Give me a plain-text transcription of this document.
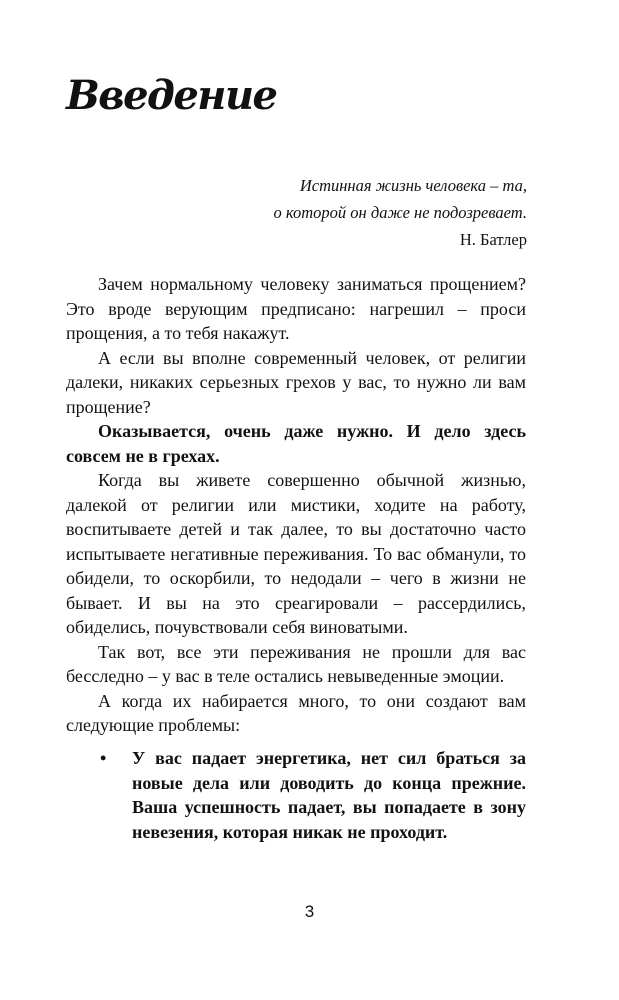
Введение
Истинная жизнь человека – та,
о которой он даже не подозревает.
Н. Батлер

Зачем нормальному человеку заниматься прощением? Это вроде верующим предписано: нагрешил – проси прощения, а то тебя накажут.

А если вы вполне современный человек, от религии далеки, никаких серьезных грехов у вас, то нужно ли вам прощение?

Оказывается, очень даже нужно. И дело здесь совсем не в грехах.

Когда вы живете совершенно обычной жизнью, далекой от религии или мистики, ходите на работу, воспитываете детей и так далее, то вы достаточно часто испытываете негативные переживания. То вас обманули, то обидели, то оскорбили, то недодали – чего в жизни не бывает. И вы на это среагировали – рассердились, обиделись, почувствовали себя виноватыми.

Так вот, все эти переживания не прошли для вас бесследно – у вас в теле остались невыведенные эмоции.

А когда их набирается много, то они создают вам следующие проблемы:

• У вас падает энергетика, нет сил браться за новые дела или доводить до конца прежние. Ваша успешность падает, вы попадаете в зону невезения, которая никак не проходит.
3
